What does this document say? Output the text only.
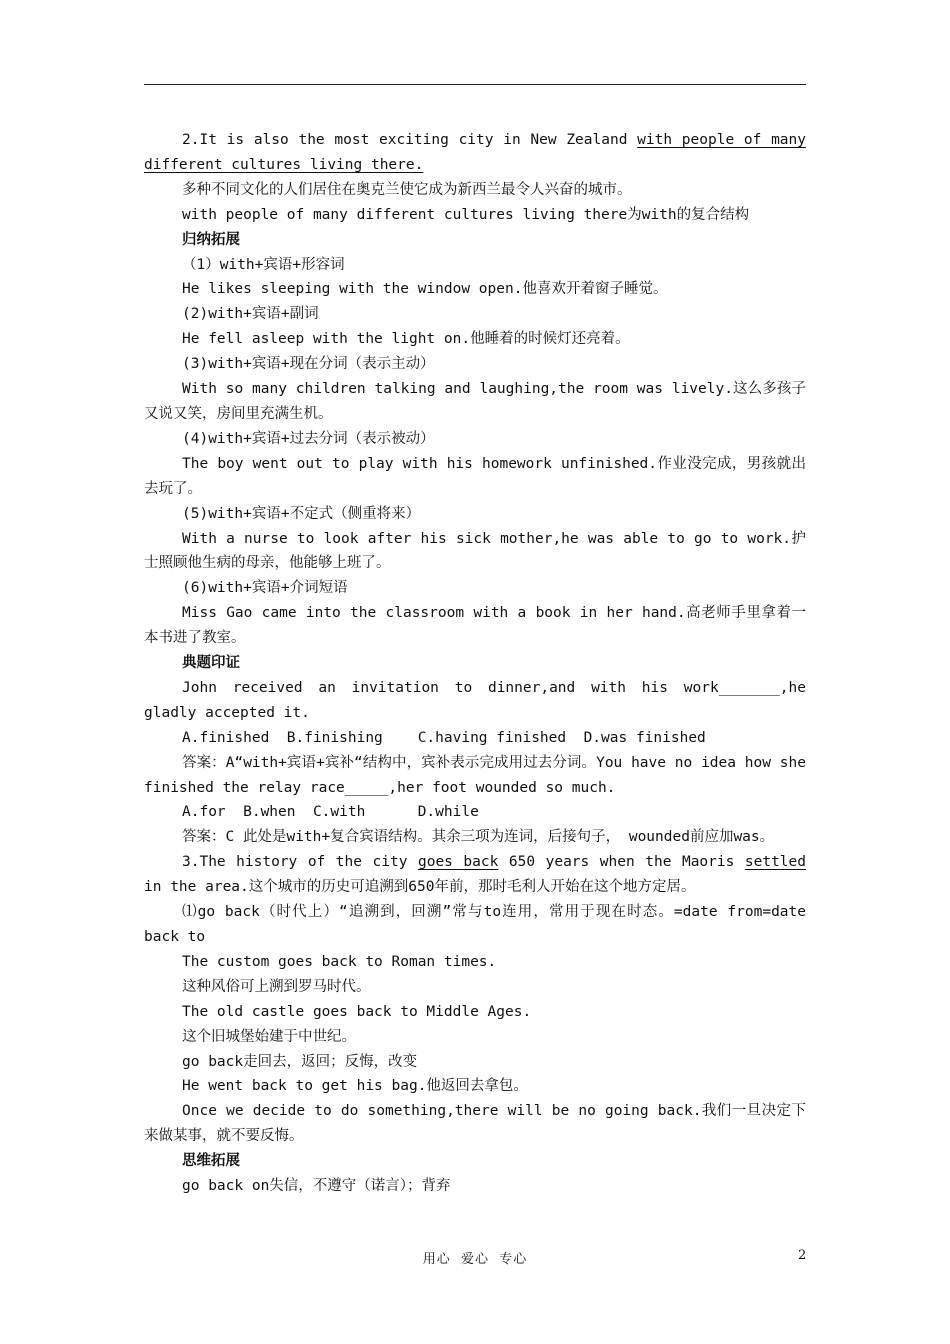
2.It is also the most exciting city in New Zealand with people of many different cultures living there.

多种不同文化的人们居住在奥克兰使它成为新西兰最令人兴奋的城市。

with people of many different cultures living there为with的复合结构

归纳拓展

（1）with+宾语+形容词

He likes sleeping with the window open.他喜欢开着窗子睡觉。

(2)with+宾语+副词

He fell asleep with the light on.他睡着的时候灯还亮着。

(3)with+宾语+现在分词（表示主动）

With so many children talking and laughing,the room was lively.这么多孩子又说又笑，房间里充满生机。

(4)with+宾语+过去分词（表示被动）

The boy went out to play with his homework unfinished.作业没完成，男孩就出去玩了。

(5)with+宾语+不定式（侧重将来）

With a nurse to look after his sick mother,he was able to go to work.护士照顾他生病的母亲，他能够上班了。

(6)with+宾语+介词短语

Miss Gao came into the classroom with a book in her hand.高老师手里拿着一本书进了教室。

典题印证

John received an invitation to dinner,and with his work_______,he gladly accepted it.

A.finished  B.finishing    C.having finished  D.was finished

答案：A“with+宾语+宾补“结构中，宾补表示完成用过去分词。You have no idea how she finished the relay race_____,her foot wounded so much.

A.for  B.when  C.with      D.while

答案：C 此处是with+复合宾语结构。其余三项为连词，后接句子， wounded前应加was。

3.The history of the city goes back 650 years when the Maoris settled in the area.这个城市的历史可追溯到650年前，那时毛利人开始在这个地方定居。

⑴go back（时代上）“追溯到，回溯”常与to连用，常用于现在时态。=date from=date back to

The custom goes back to Roman times.

这种风俗可上溯到罗马时代。

The old castle goes back to Middle Ages.

这个旧城堡始建于中世纪。

go back走回去，返回；反悔，改变

He went back to get his bag.他返回去拿包。

Once we decide to do something,there will be no going back.我们一旦决定下来做某事，就不要反悔。

思维拓展

go back on失信，不遵守（诺言）；背弃

用心  爱心  专心	2
